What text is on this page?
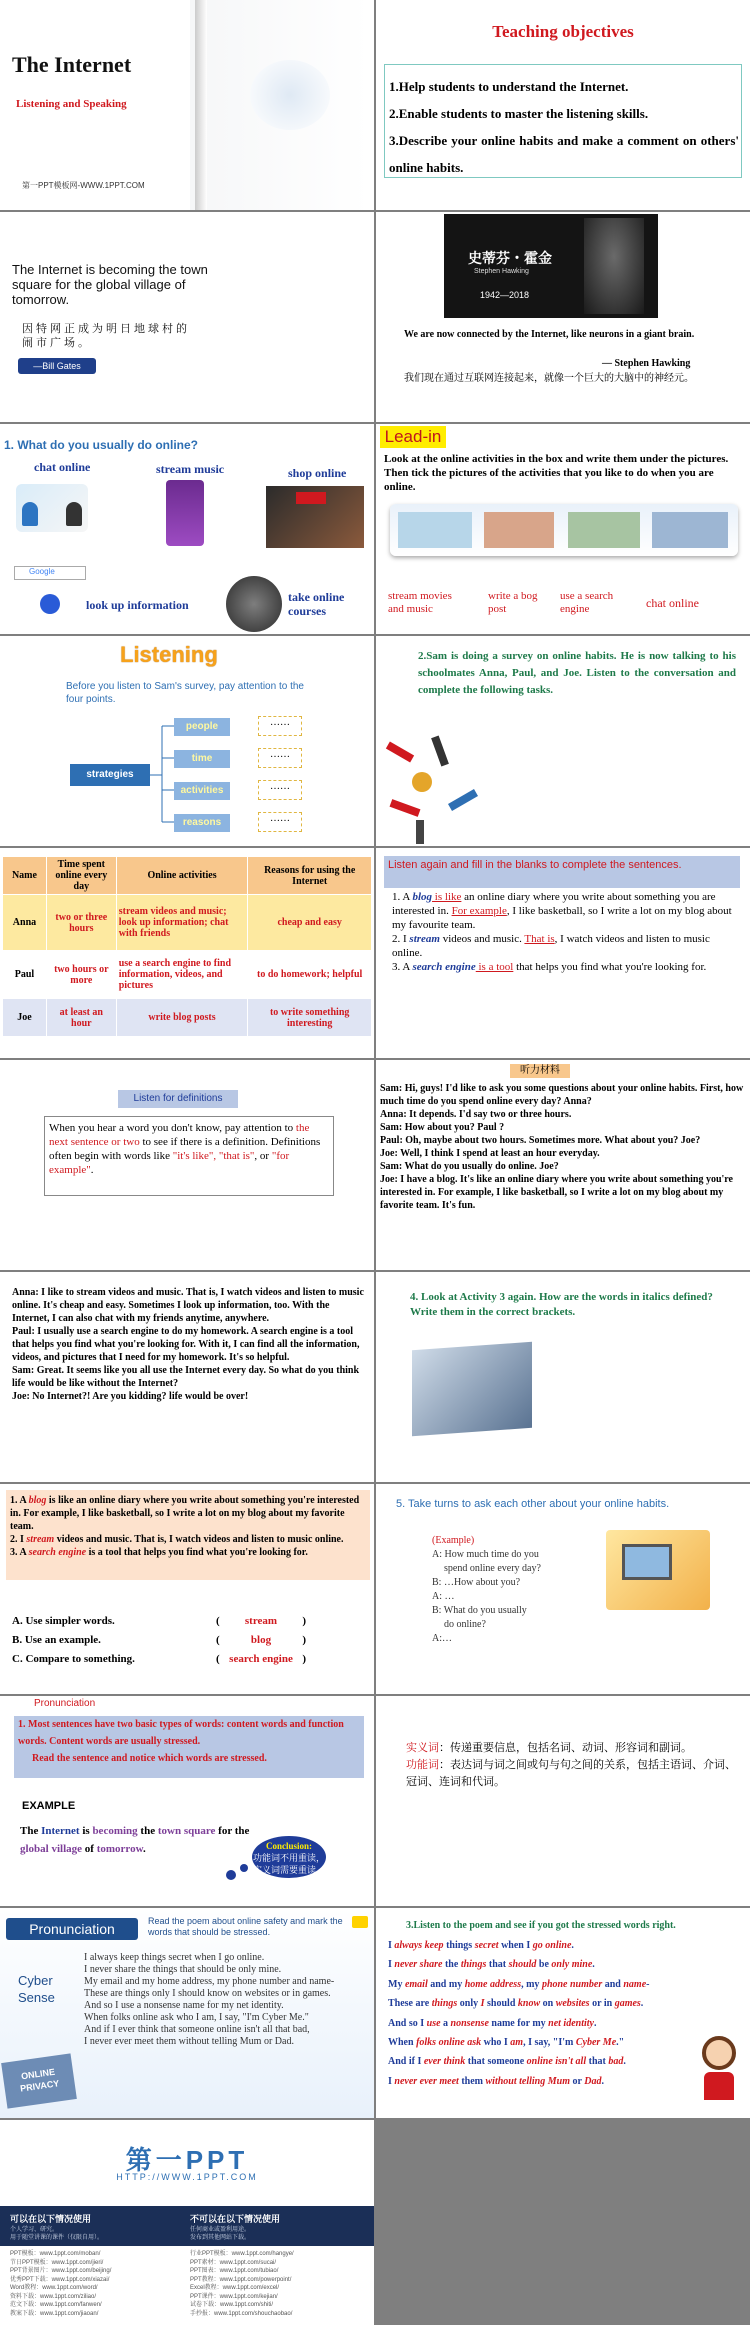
The Internet
Listening and Speaking
第一PPT模板网-WWW.1PPT.COM
Teaching objectives
1.Help students to understand the Internet.
2.Enable students to master the listening skills.
3.Describe your online habits and make a comment on others' online habits.
The Internet is becoming the town square for the global village of tomorrow.
因特网正成为明日地球村的闹市广场。
—Bill Gates
史蒂芬・霍金
Stephen Hawking
1942—2018
We are now connected by the Internet, like neurons in a giant brain.
— Stephen Hawking
我们现在通过互联网连接起来，就像一个巨大的大脑中的神经元。
1. What do you usually do online?
chat online	stream music	shop online
Google
look up information
take online courses
Lead-in
Look at the online activities in the box and write them under the pictures. Then tick the pictures of the activities that you like to do when you are online.
stream movies and music
write a bog post
use a search engine	chat online
Listening
Before you listen to Sam's survey, pay attention to the four points.
strategies
people
time
activities
reasons
……
……
……
……
2.Sam is doing a survey on online habits. He is now talking to his schoolmates Anna, Paul, and Joe. Listen to the conversation and complete the following tasks.
Name	Time spent online every day	Online activities	Reasons for using the Internet
Anna	two or three hours	stream videos and music; look up information; chat with friends	cheap and easy
Paul	two hours or more	use a search engine to find information, videos, and pictures	to do homework; helpful
Joe	at least an hour	write blog posts	to write something interesting
Listen again and fill in the blanks to complete the sentences.
1. A blog is like an online diary where you write about something you are interested in. For example, I like basketball, so I write a lot on my blog about my favourite team.
2. I stream videos and music. That is, I watch videos and listen to music online.
3. A search engine is a tool that helps you find what you're looking for.
Listen for definitions
When you hear a word you don't know, pay attention to the next sentence or two to see if there is a definition. Definitions often begin with words like "it's like", "that is", or "for example".
听力材料
Sam: Hi, guys! I'd like to ask you some questions about your online habits. First, how much time do you spend online every day? Anna?
Anna: It depends. I'd say two or three hours.
Sam: How about you? Paul ?
Paul: Oh, maybe about two hours. Sometimes more. What about you? Joe?
Joe: Well, I think I spend at least an hour everyday.
Sam: What do you usually do online. Joe?
Joe: I have a blog. It's like an online diary where you write about something you're interested in. For example, I like basketball, so I write a lot on my blog about my favorite team. It's fun.
Anna: I like to stream videos and music. That is, I watch videos and listen to music online. It's cheap and easy. Sometimes I look up information, too. With the Internet, I can also chat with my friends anytime, anywhere.
Paul: I usually use a search engine to do my homework. A search engine is a tool that helps you find what you're looking for. With it, I can find all the information, videos, and pictures that I need for my homework. It's so helpful.
Sam: Great. It seems like you all use the Internet every day. So what do you think life would be like without the Internet?
Joe: No Internet?! Are you kidding? life would be over!
4. Look at Activity 3 again. How are the words in italics defined? Write them in the correct brackets.
1. A blog is like an online diary where you write about something you're interested in. For example, I like basketball, so I write a lot on my blog about my favorite team.
2. I stream videos and music. That is, I watch videos and listen to music online.
3. A search engine is a tool that helps you find what you're looking for.
A. Use simpler words.
B. Use an example.
C. Compare to something.
( stream )
(	blog	)
( search engine )
5. Take turns to ask each other about your online habits.
(Example)
A: How much time do you
spend online every day?
B: …How about you?
A: …
B: What do you usually
do online?
A:…
Pronunciation
1. Most sentences have two basic types of words: content words and function words. Content words are usually stressed.
Read the sentence and notice which words are stressed.
EXAMPLE
The Internet is becoming the town square for the global village of tomorrow.	Conclusion:
功能词不用重读，
实义词需要重读。
实义词：传递重要信息，包括名词、动词、形容词和副词。
功能词：表达词与词之间或句与句之间的关系，包括主语词、介词、冠词、连词和代词。
Pronunciation	Read the poem about online safety and mark the words that should be stressed.
Cyber Sense
ONLINE PRIVACY
I always keep things secret when I go online.
I never share the things that should be only mine.
My email and my home address, my phone number and name-
These are things only I should know on websites or in games.
And so I use a nonsense name for my net identity.
When folks online ask who I am, I say, "I'm Cyber Me."
And if I ever think that someone online isn't all that bad,
I never ever meet them without telling Mum or Dad.
3.Listen to the poem and see if you got the stressed words right.
I always keep things secret when I go online.
I never share the things that should be only mine.
My email and my home address, my phone number and name-
These are things only I should know on websites or in games.
And so I use a nonsense name for my net identity.
When folks online ask who I am, I say, "I'm Cyber Me."
And if I ever think that someone online isn't all that bad.
I never ever meet them without telling Mum or Dad.
第一PPT
HTTP://WWW.1PPT.COM
可以在以下情况使用
个人学习、研究。
用于随堂讲课的课件（仅限自用）。
不可以在以下情况使用
任何商业或盈利用途。
发布到其他网站下载。
PPT模板：www.1ppt.com/moban/
节日PPT模板：www.1ppt.com/jieri/
PPT背景图片：www.1ppt.com/beijing/
优秀PPT下载：www.1ppt.com/xiazai/
Word教程：www.1ppt.com/word/
资料下载：www.1ppt.com/ziliao/
范文下载：www.1ppt.com/fanwen/
教案下载：www.1ppt.com/jiaoan/
行业PPT模板：www.1ppt.com/hangye/
PPT素材：www.1ppt.com/sucai/
PPT图表：www.1ppt.com/tubiao/
PPT教程：www.1ppt.com/powerpoint/
Excel教程：www.1ppt.com/excel/
PPT课件：www.1ppt.com/kejian/
试卷下载：www.1ppt.com/shiti/
手抄报：www.1ppt.com/shouchaobao/
